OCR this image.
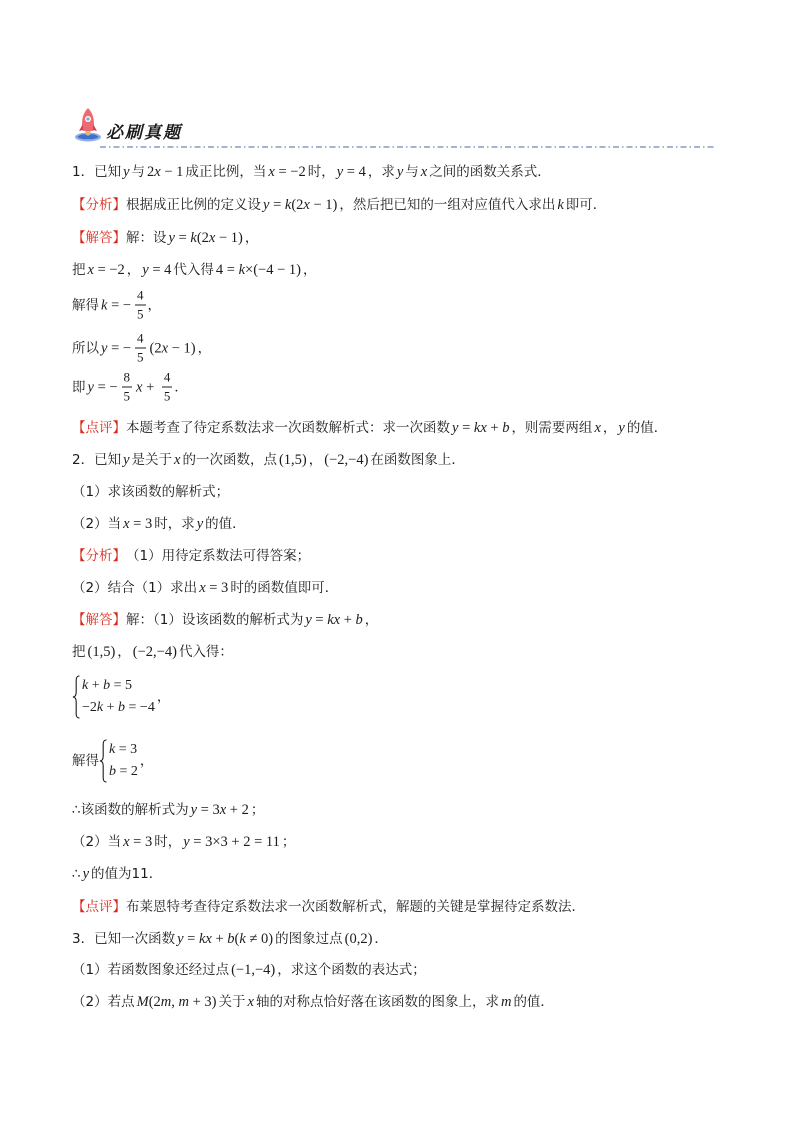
必刷真题
1．已知 y 与 2x − 1 成正比例，当 x = −2 时， y = 4 ，求 y 与 x 之间的函数关系式．
【分析】 根据成正比例的定义设 y = k(2x − 1) ，然后把已知的一组对应值代入求出 k 即可．
【解答】 解：设 y = k(2x − 1) ，
把 x = −2 ， y = 4 代入得 4 = k×(−4 − 1) ，
解得 k = − $\frac{4}{5}$ ，
所以 y = − $\frac{4}{5} (2x - 1)$ ，
即 y = − $\frac{8}{5}$ $x + \frac{4}{5}$ ．
【点评】 本题考查了待定系数法求一次函数解析式：求一次函数 y = kx + b ，则需要两组 x ， y 的值．
2．已知 y 是关于 x 的一次函数，点 (1,5) ， (−2,−4) 在函数图象上．
（1）求该函数的解析式；
（2）当 x = 3 时，求 y 的值．
【分析】 （1）用待定系数法可得答案；
（2）结合（1）求出 x = 3 时的函数值即可．
【解答】 解：（1）设该函数的解析式为 y = kx + b ，
把 (1,5) ， (−2,−4) 代入得：
k + b = 5
−2k + b = −4
，
解得
k = 3
b = 2
，
∴该函数的解析式为 y = 3x + 2 ；
（2）当 x = 3 时， y = 3×3 + 2 = 11 ；
∴ y 的值为11．
【点评】 布莱恩特考查待定系数法求一次函数解析式，解题的关键是掌握待定系数法．
3．已知一次函数 y = kx + b(k ≠ 0) 的图象过点 (0,2) ．
（1）若函数图象还经过点 (−1,−4) ，求这个函数的表达式；
（2）若点 M(2m, m + 3) 关于 x 轴的对称点恰好落在该函数的图象上，求 m 的值．
